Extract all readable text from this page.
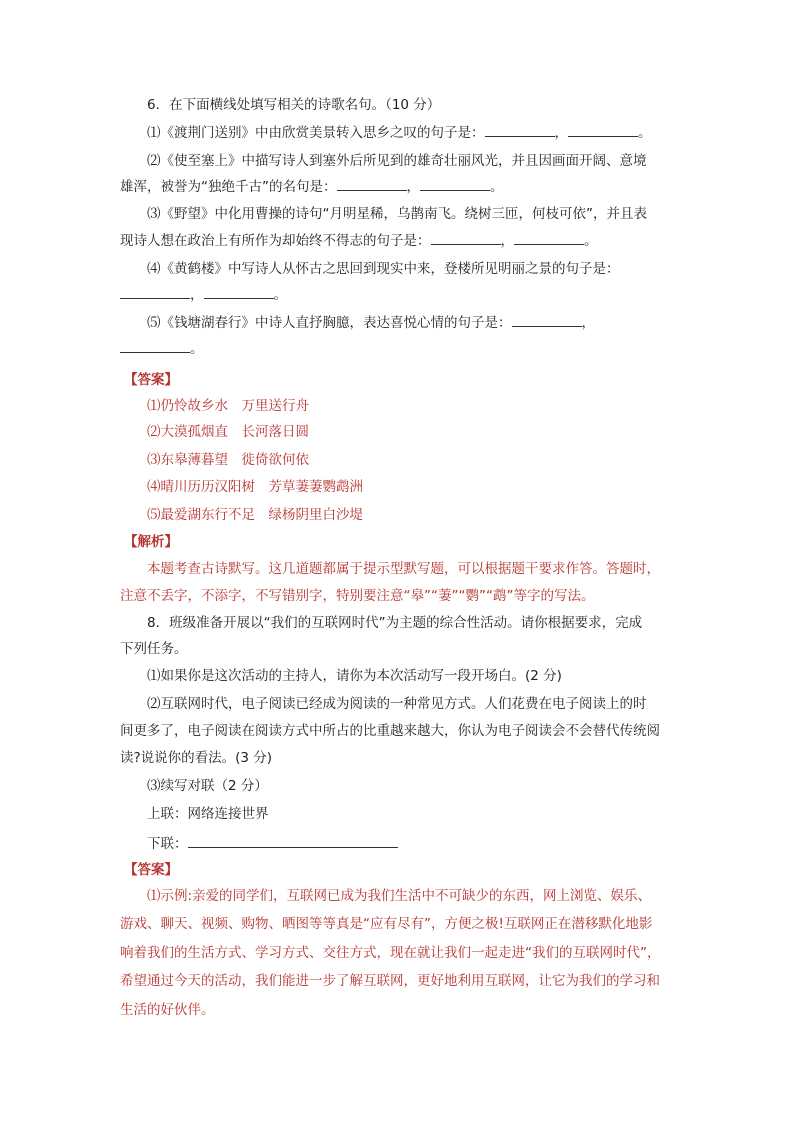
6．在下面横线处填写相关的诗歌名句。（10 分）
⑴《渡荆门送别》中由欣赏美景转入思乡之叹的句子是：	，	。
⑵《使至塞上》中描写诗人到塞外后所见到的雄奇壮丽风光，并且因画面开阔、意境
雄浑，被誉为“独绝千古”的名句是：	，	。
⑶《野望》中化用曹操的诗句“月明星稀，乌鹊南飞。绕树三匝，何枝可依”，并且表
现诗人想在政治上有所作为却始终不得志的句子是：	，	。
⑷《黄鹤楼》中写诗人从怀古之思回到现实中来，登楼所见明丽之景的句子是：
，	。
⑸《钱塘湖春行》中诗人直抒胸臆，表达喜悦心情的句子是：	，
。
【答案】
⑴仍怜故乡水　万里送行舟
⑵大漠孤烟直　长河落日圆
⑶东皋薄暮望　徙倚欲何依
⑷晴川历历汉阳树　芳草萋萋鹦鹉洲
⑸最爱湖东行不足　绿杨阴里白沙堤
【解析】
本题考查古诗默写。这几道题都属于提示型默写题，可以根据题干要求作答。答题时，
注意不丢字，不添字，不写错别字，特别要注意“皋”“萋”“鹦”“鹉”等字的写法。
8．班级准备开展以“我们的互联网时代”为主题的综合性活动。请你根据要求，完成
下列任务。
⑴如果你是这次活动的主持人，请你为本次活动写一段开场白。(2 分)
⑵互联网时代，电子阅读已经成为阅读的一种常见方式。人们花费在电子阅读上的时
间更多了，电子阅读在阅读方式中所占的比重越来越大，你认为电子阅读会不会替代传统阅
读?说说你的看法。(3 分)
⑶续写对联（2 分）
上联：网络连接世界
下联：
【答案】
⑴示例:亲爱的同学们，互联网已成为我们生活中不可缺少的东西，网上浏览、娱乐、
游戏、聊天、视频、购物、晒图等等真是“应有尽有”，方便之极!互联网正在潜移默化地影
响着我们的生活方式、学习方式、交往方式，现在就让我们一起走进“我们的互联网时代”，
希望通过今天的活动，我们能进一步了解互联网，更好地利用互联网，让它为我们的学习和
生活的好伙伴。
